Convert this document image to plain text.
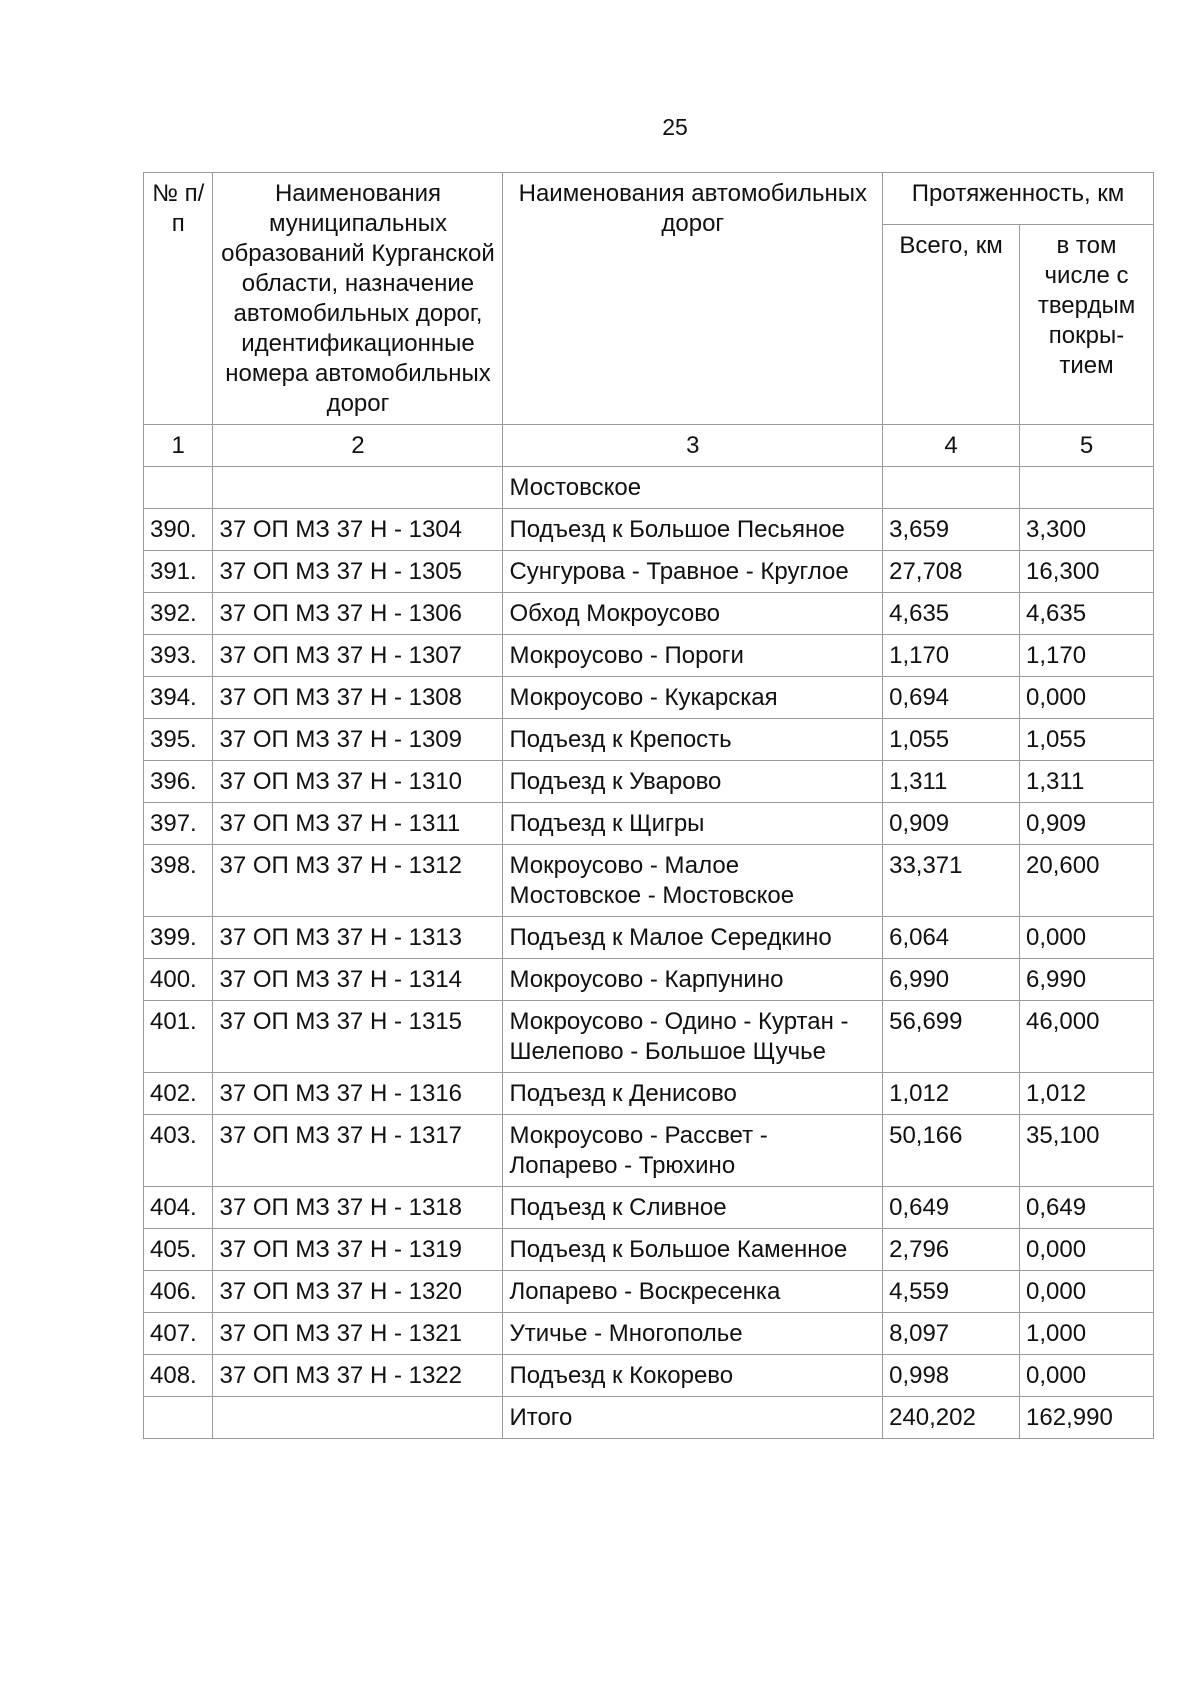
25
№ п/п	Наименования муниципальных образований Курганской области, назначение автомобильных дорог, идентификационные номера автомобильных дорог	Наименования автомобильных дорог	Протяженность, км	
			Всего, км	в том числе с твердым покры-тием
1	2	3	4	5
		Мостовское		
390.	37 ОП МЗ 37 Н - 1304	Подъезд к Большое Песьяное	3,659	3,300
391.	37 ОП МЗ 37 Н - 1305	Сунгурова - Травное - Круглое	27,708	16,300
392.	37 ОП МЗ 37 Н - 1306	Обход Мокроусово	4,635	4,635
393.	37 ОП МЗ 37 Н - 1307	Мокроусово - Пороги	1,170	1,170
394.	37 ОП МЗ 37 Н - 1308	Мокроусово - Кукарская	0,694	0,000
395.	37 ОП МЗ 37 Н - 1309	Подъезд к Крепость	1,055	1,055
396.	37 ОП МЗ 37 Н - 1310	Подъезд к Уварово	1,311	1,311
397.	37 ОП МЗ 37 Н - 1311	Подъезд к Щигры	0,909	0,909
398.	37 ОП МЗ 37 Н - 1312	Мокроусово - Малое Мостовское - Мостовское	33,371	20,600
399.	37 ОП МЗ 37 Н - 1313	Подъезд к Малое Середкино	6,064	0,000
400.	37 ОП МЗ 37 Н - 1314	Мокроусово - Карпунино	6,990	6,990
401.	37 ОП МЗ 37 Н - 1315	Мокроусово - Одино - Куртан - Шелепово - Большое Щучье	56,699	46,000
402.	37 ОП МЗ 37 Н - 1316	Подъезд к Денисово	1,012	1,012
403.	37 ОП МЗ 37 Н - 1317	Мокроусово - Рассвет - Лопарево - Трюхино	50,166	35,100
404.	37 ОП МЗ 37 Н - 1318	Подъезд к Сливное	0,649	0,649
405.	37 ОП МЗ 37 Н - 1319	Подъезд к Большое Каменное	2,796	0,000
406.	37 ОП МЗ 37 Н - 1320	Лопарево - Воскресенка	4,559	0,000
407.	37 ОП МЗ 37 Н - 1321	Утичье - Многополье	8,097	1,000
408.	37 ОП МЗ 37 Н - 1322	Подъезд к Кокорево	0,998	0,000
		Итого	240,202	162,990
